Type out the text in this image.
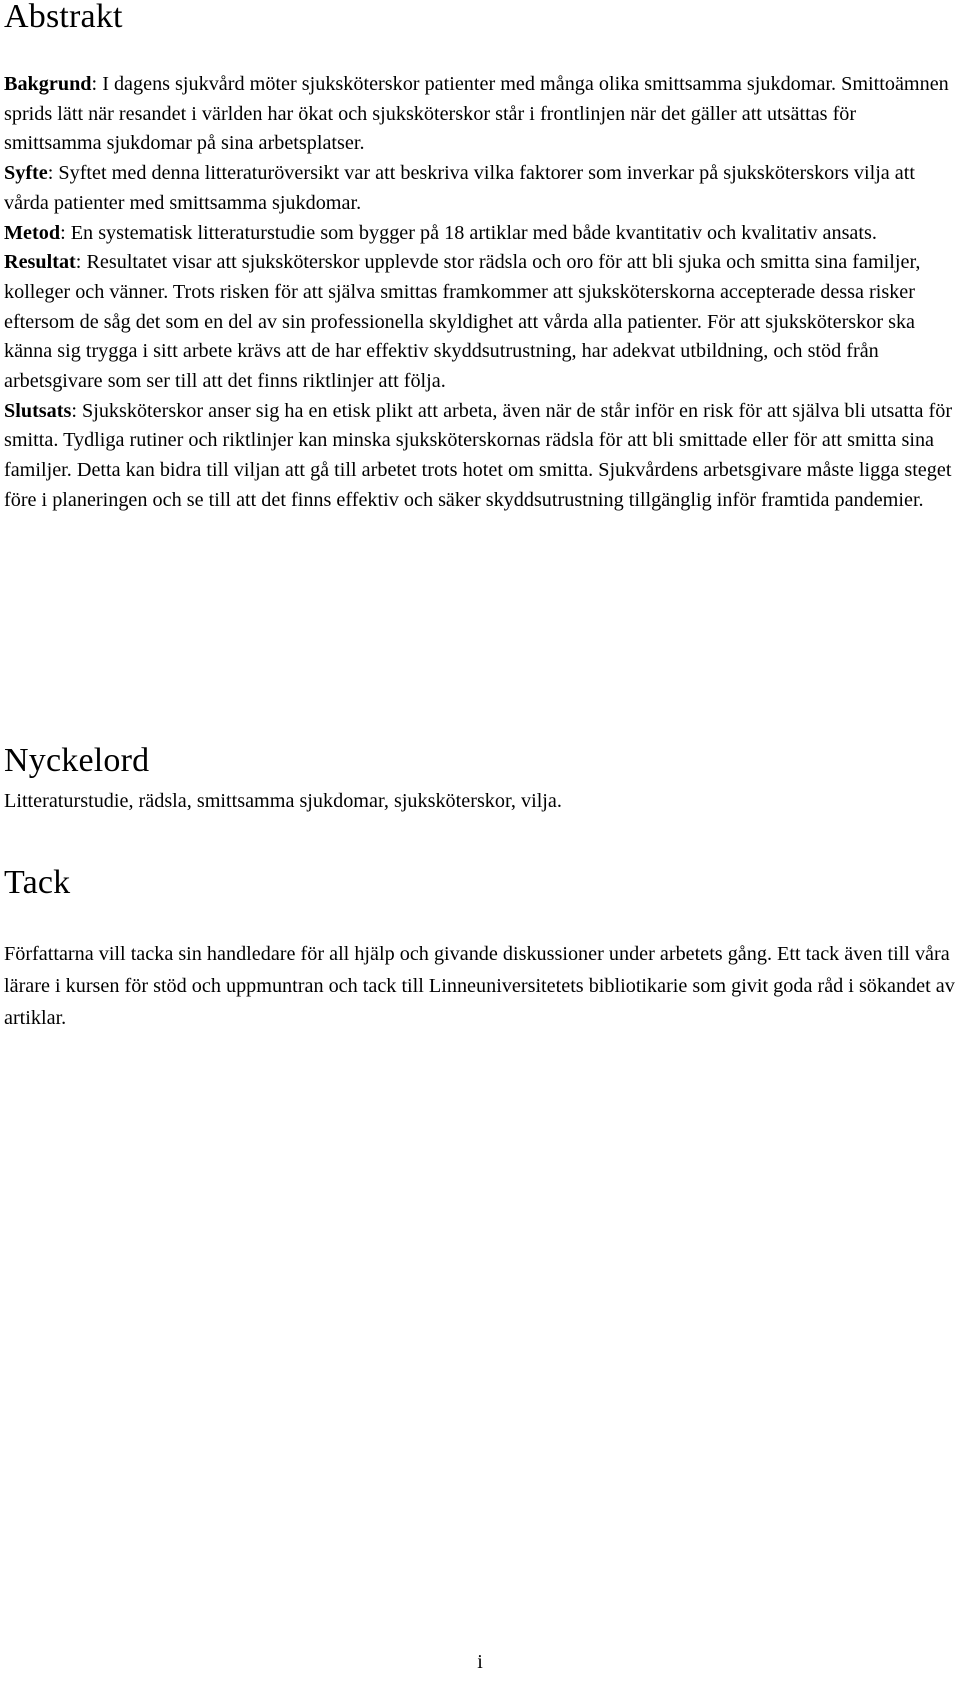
Abstrakt

Bakgrund: I dagens sjukvård möter sjuksköterskor patienter med många olika smittsamma sjukdomar. Smittoämnen sprids lätt när resandet i världen har ökat och sjuksköterskor står i frontlinjen när det gäller att utsättas för smittsamma sjukdomar på sina arbetsplatser.

Syfte: Syftet med denna litteraturöversikt var att beskriva vilka faktorer som inverkar på sjuksköterskors vilja att vårda patienter med smittsamma sjukdomar.

Metod: En systematisk litteraturstudie som bygger på 18 artiklar med både kvantitativ och kvalitativ ansats.

Resultat: Resultatet visar att sjuksköterskor upplevde stor rädsla och oro för att bli sjuka och smitta sina familjer, kolleger och vänner. Trots risken för att själva smittas framkommer att sjuksköterskorna accepterade dessa risker eftersom de såg det som en del av sin professionella skyldighet att vårda alla patienter. För att sjuksköterskor ska känna sig trygga i sitt arbete krävs att de har effektiv skyddsutrustning, har adekvat utbildning, och stöd från arbetsgivare som ser till att det finns riktlinjer att följa.

Slutsats: Sjuksköterskor anser sig ha en etisk plikt att arbeta, även när de står inför en risk för att själva bli utsatta för smitta. Tydliga rutiner och riktlinjer kan minska sjuksköterskornas rädsla för att bli smittade eller för att smitta sina familjer. Detta kan bidra till viljan att gå till arbetet trots hotet om smitta. Sjukvårdens arbetsgivare måste ligga steget före i planeringen och se till att det finns effektiv och säker skyddsutrustning tillgänglig inför framtida pandemier.

Nyckelord

Litteraturstudie, rädsla, smittsamma sjukdomar, sjuksköterskor, vilja.

Tack

Författarna vill tacka sin handledare för all hjälp och givande diskussioner under arbetets gång. Ett tack även till våra lärare i kursen för stöd och uppmuntran och tack till Linneuniversitetets bibliotikarie som givit goda råd i sökandet av artiklar.

i
